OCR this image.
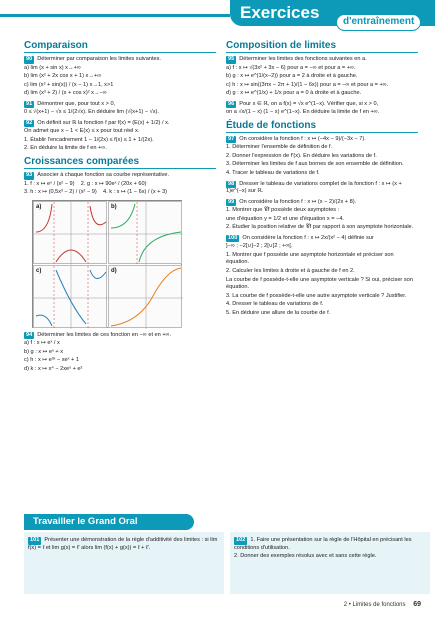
Exercices	d'entraînement
Comparaison

90 Déterminer par comparaison les limites suivantes.

a) lim (x + sin x) x→+∞

b) lim (x² + 2x cos x + 1) x→+∞

c) lim (x³ + sin(x)) / (x − 1) x→1, x>1

d) lim (x³ + 2) / (x + cos x)² x→−∞

91 Démontrer que, pour tout x > 0,

0 ≤ √(x+1) − √x ≤ 1/(2√x). En déduire lim (√(x+1) − √x).

92 On définit sur ℝ la fonction f par f(x) = (E(x) + 1/2) / x.

On admet que x − 1 < E(x) ≤ x pour tout réel x.

1. Établir l'encadrement 1 − 1/(2x) ≤ f(x) ≤ 1 + 1/(2x).

2. En déduire la limite de f en +∞.

Croissances comparées

93 Associer à chaque fonction sa courbe représentative.

1. f : x ↦ eˣ / (x² − 9) 2. g : x ↦ 90eˣ / (20x + 60)

3. h : x ↦ (0,5x³ − 2) / (x² − 9) 4. k : x ↦ (1 − 6x) / (x + 3)

a)	b)
c)	d)

94 Déterminer les limites de ces fonction en −∞ et en +∞.

a) f : x ↦ eˣ / x

b) g : x ↦ eˣ + x

c) h : x ↦ e³ˣ − xeˣ + 1

d) k : x ↦ x⁴ − 2xeˣ + e²

Composition de limites

95 Déterminer les limites des fonctions suivantes en a.

a) f : x ↦ √(3x² + 3x − 6) pour a = −∞ et pour a = +∞.

b) g : x ↦ e^(1/(x−2)) pour a = 2 à droite et à gauche.

c) h : x ↦ sin((3πx − 2π + 1)/(1 − 6x)) pour a = −∞ et pour a = +∞.

d) g : x ↦ e^(1/x) + 1/x pour a = 0 à droite et à gauche.

96 Pour x ∈ ℝ, on a f(x) = √x e^(1−x). Vérifier que, si x > 0,

on a √x/(1 − x) (1 − x) e^(1−x). En déduire la limite de f en +∞.

Étude de fonctions

97 On considère la fonction f : x ↦ (−4x − 9)/(−3x − 7).

1. Déterminer l'ensemble de définition de f.

2. Donner l'expression de f'(x). En déduire les variations de f.

3. Déterminer les limites de f aux bornes de son ensemble de définition.

4. Tracer le tableau de variations de f.

98 Dresser le tableau de variations complet de la fonction f : x ↦ (x + 1)e^(−x) sur ℝ.

99 On considère la fonction f : x ↦ (x − 2)/(2x + 8).

1. Montrer que 𝒞f possède deux asymptotes :

une d'équation y = 1/2 et une d'équation x = −4.

2. Étudier la position relative de 𝒞f par rapport à son asymptote horizontale.

100 On considère la fonction f : x ↦ 2x/(x² − 4) définie sur

]−∞ ; −2[∪]−2 ; 2[∪]2 ; +∞[.

1. Montrer que f possède une asymptote horizontale et préciser son équation.

2. Calculer les limites à droite et à gauche de f en 2.

La courbe de f possède-t-elle une asymptote verticale ? Si oui, préciser son équation.

3. La courbe de f possède-t-elle une autre asymptote verticale ? Justifier.

4. Dresser le tableau de variations de f.

5. En déduire une allure de la courbe de f.

Travailler le Grand Oral

101 Présenter une démonstration de la règle d'additivité des limites : si lim f(x) = ℓ et lim g(x) = ℓ' alors lim (f(x) + g(x)) = ℓ + ℓ'.

102 1. Faire une présentation sur la règle de l'Hôpital en précisant les conditions d'utilisation.

2. Donner des exemples résolus avec et sans cette règle.

2 • Limites de fonctions 69
